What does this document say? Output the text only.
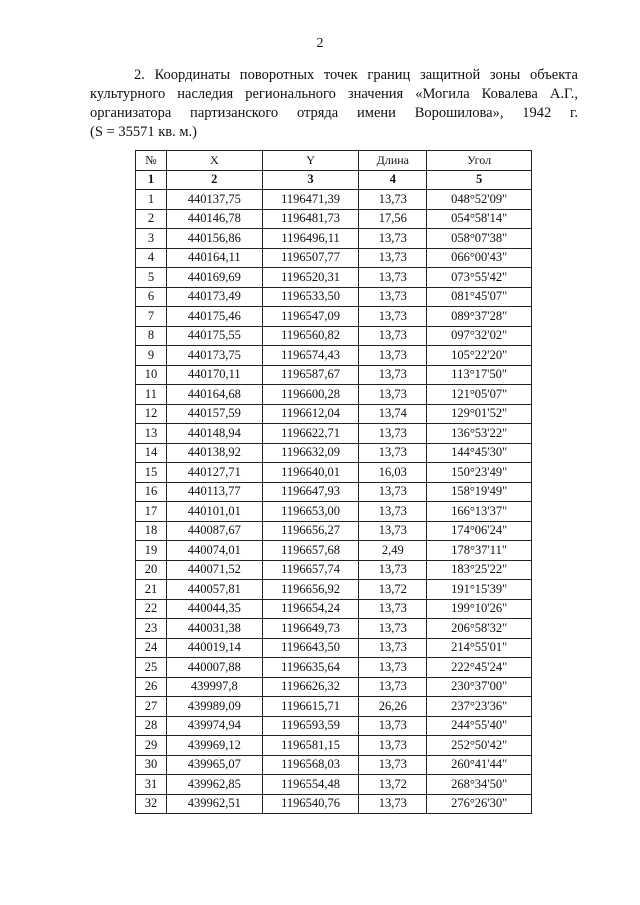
2
2. Координаты поворотных точек границ защитной зоны объекта
культурного наследия регионального значения «Могила Ковалева А.Г.,
организатора партизанского отряда имени Ворошилова», 1942 г.
(S = 35571 кв. м.)
№	X	Y	Длина	Угол
1	2	3	4	5
1	440137,75	1196471,39	13,73	048°52'09"
2	440146,78	1196481,73	17,56	054°58'14"
3	440156,86	1196496,11	13,73	058°07'38"
4	440164,11	1196507,77	13,73	066°00'43"
5	440169,69	1196520,31	13,73	073°55'42"
6	440173,49	1196533,50	13,73	081°45'07"
7	440175,46	1196547,09	13,73	089°37'28"
8	440175,55	1196560,82	13,73	097°32'02"
9	440173,75	1196574,43	13,73	105°22'20"
10	440170,11	1196587,67	13,73	113°17'50"
11	440164,68	1196600,28	13,73	121°05'07"
12	440157,59	1196612,04	13,74	129°01'52"
13	440148,94	1196622,71	13,73	136°53'22"
14	440138,92	1196632,09	13,73	144°45'30"
15	440127,71	1196640,01	16,03	150°23'49"
16	440113,77	1196647,93	13,73	158°19'49"
17	440101,01	1196653,00	13,73	166°13'37"
18	440087,67	1196656,27	13,73	174°06'24"
19	440074,01	1196657,68	2,49	178°37'11"
20	440071,52	1196657,74	13,73	183°25'22"
21	440057,81	1196656,92	13,72	191°15'39"
22	440044,35	1196654,24	13,73	199°10'26"
23	440031,38	1196649,73	13,73	206°58'32"
24	440019,14	1196643,50	13,73	214°55'01"
25	440007,88	1196635,64	13,73	222°45'24"
26	439997,8	1196626,32	13,73	230°37'00"
27	439989,09	1196615,71	26,26	237°23'36"
28	439974,94	1196593,59	13,73	244°55'40"
29	439969,12	1196581,15	13,73	252°50'42"
30	439965,07	1196568,03	13,73	260°41'44"
31	439962,85	1196554,48	13,72	268°34'50"
32	439962,51	1196540,76	13,73	276°26'30"
